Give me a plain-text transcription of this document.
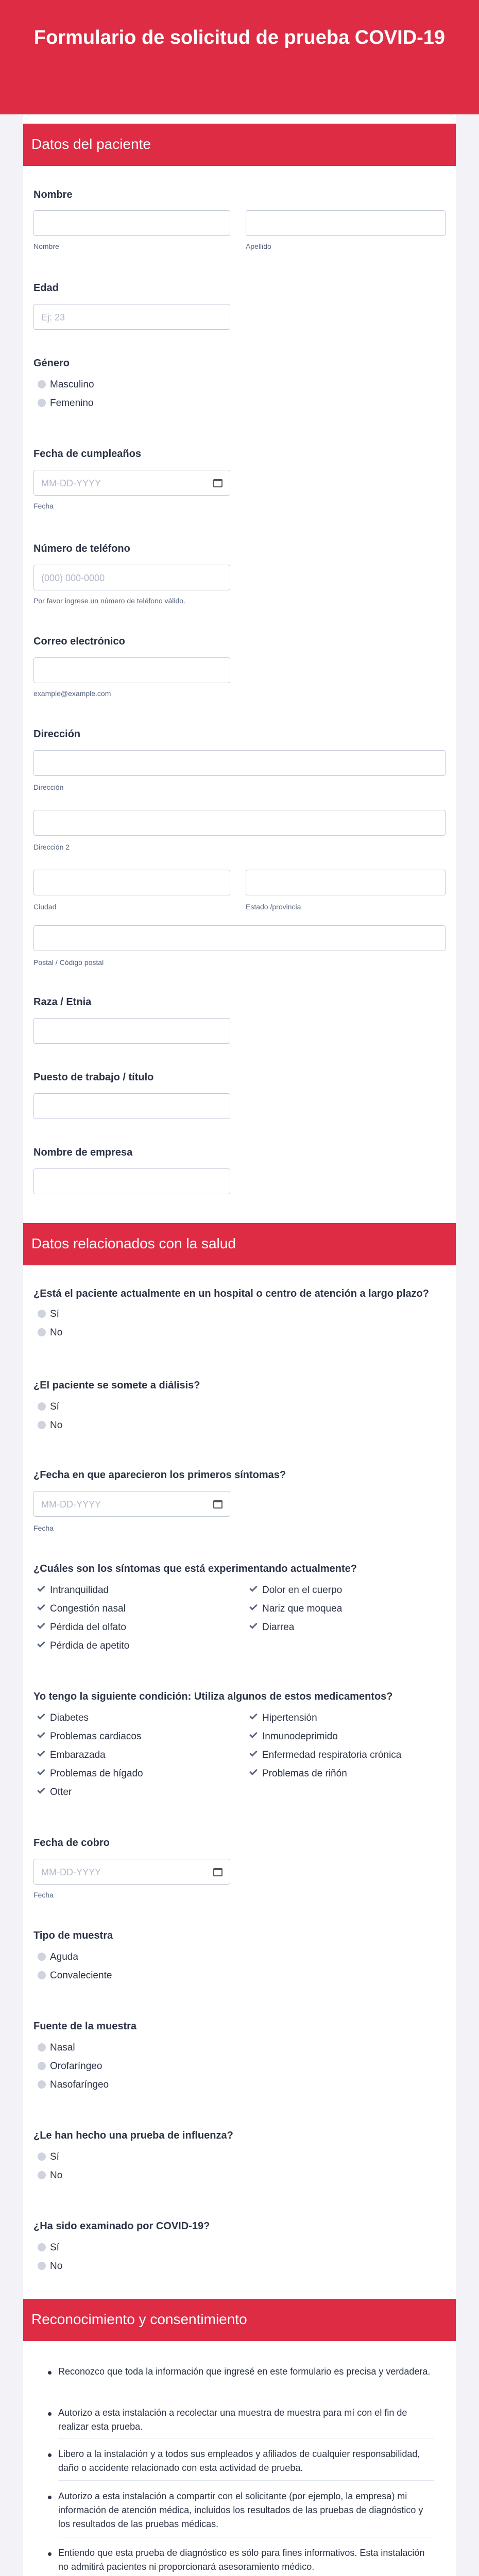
Formulario de solicitud de prueba COVID-19
Datos del paciente
Nombre
Nombre	Apellido
Edad
Ej: 23
Género
Masculino
Femenino
Fecha de cumpleaños
MM-DD-YYYY
Fecha
Número de teléfono
(000) 000-0000
Por favor ingrese un número de teléfono válido.
Correo electrónico
example@example.com
Dirección
Dirección
Dirección 2
Ciudad	Estado /provincia
Postal / Código postal
Raza / Etnia
Puesto de trabajo / título
Nombre de empresa
Datos relacionados con la salud
¿Está el paciente actualmente en un hospital o centro de atención a largo plazo?
Sí
No
¿El paciente se somete a diálisis?
Sí
No
¿Fecha en que aparecieron los primeros síntomas?
MM-DD-YYYY
Fecha
¿Cuáles son los síntomas que está experimentando actualmente?
Intranquilidad	Dolor en el cuerpo
Congestión nasal	Nariz que moquea
Pérdida del olfato	Diarrea
Pérdida de apetito
Yo tengo la siguiente condición: Utiliza algunos de estos medicamentos?
Diabetes	Hipertensión
Problemas cardiacos	Inmunodeprimido
Embarazada	Enfermedad respiratoria crónica
Problemas de hígado	Problemas de riñón
Otter
Fecha de cobro
MM-DD-YYYY
Fecha
Tipo de muestra
Aguda
Convaleciente
Fuente de la muestra
Nasal
Orofaríngeo
Nasofaríngeo
¿Le han hecho una prueba de influenza?
Sí
No
¿Ha sido examinado por COVID-19?
Sí
No
Reconocimiento y consentimiento
Reconozco que toda la información que ingresé en este formulario es precisa y verdadera.
Autorizo a esta instalación a recolectar una muestra de muestra para mí con el fin de realizar esta prueba.
Libero a la instalación y a todos sus empleados y afiliados de cualquier responsabilidad, daño o accidente relacionado con esta actividad de prueba.
Autorizo a esta instalación a compartir con el solicitante (por ejemplo, la empresa) mi información de atención médica, incluidos los resultados de las pruebas de diagnóstico y los resultados de las pruebas médicas.
Entiendo que esta prueba de diagnóstico es sólo para fines informativos. Esta instalación no admitirá pacientes ni proporcionará asesoramiento médico.
